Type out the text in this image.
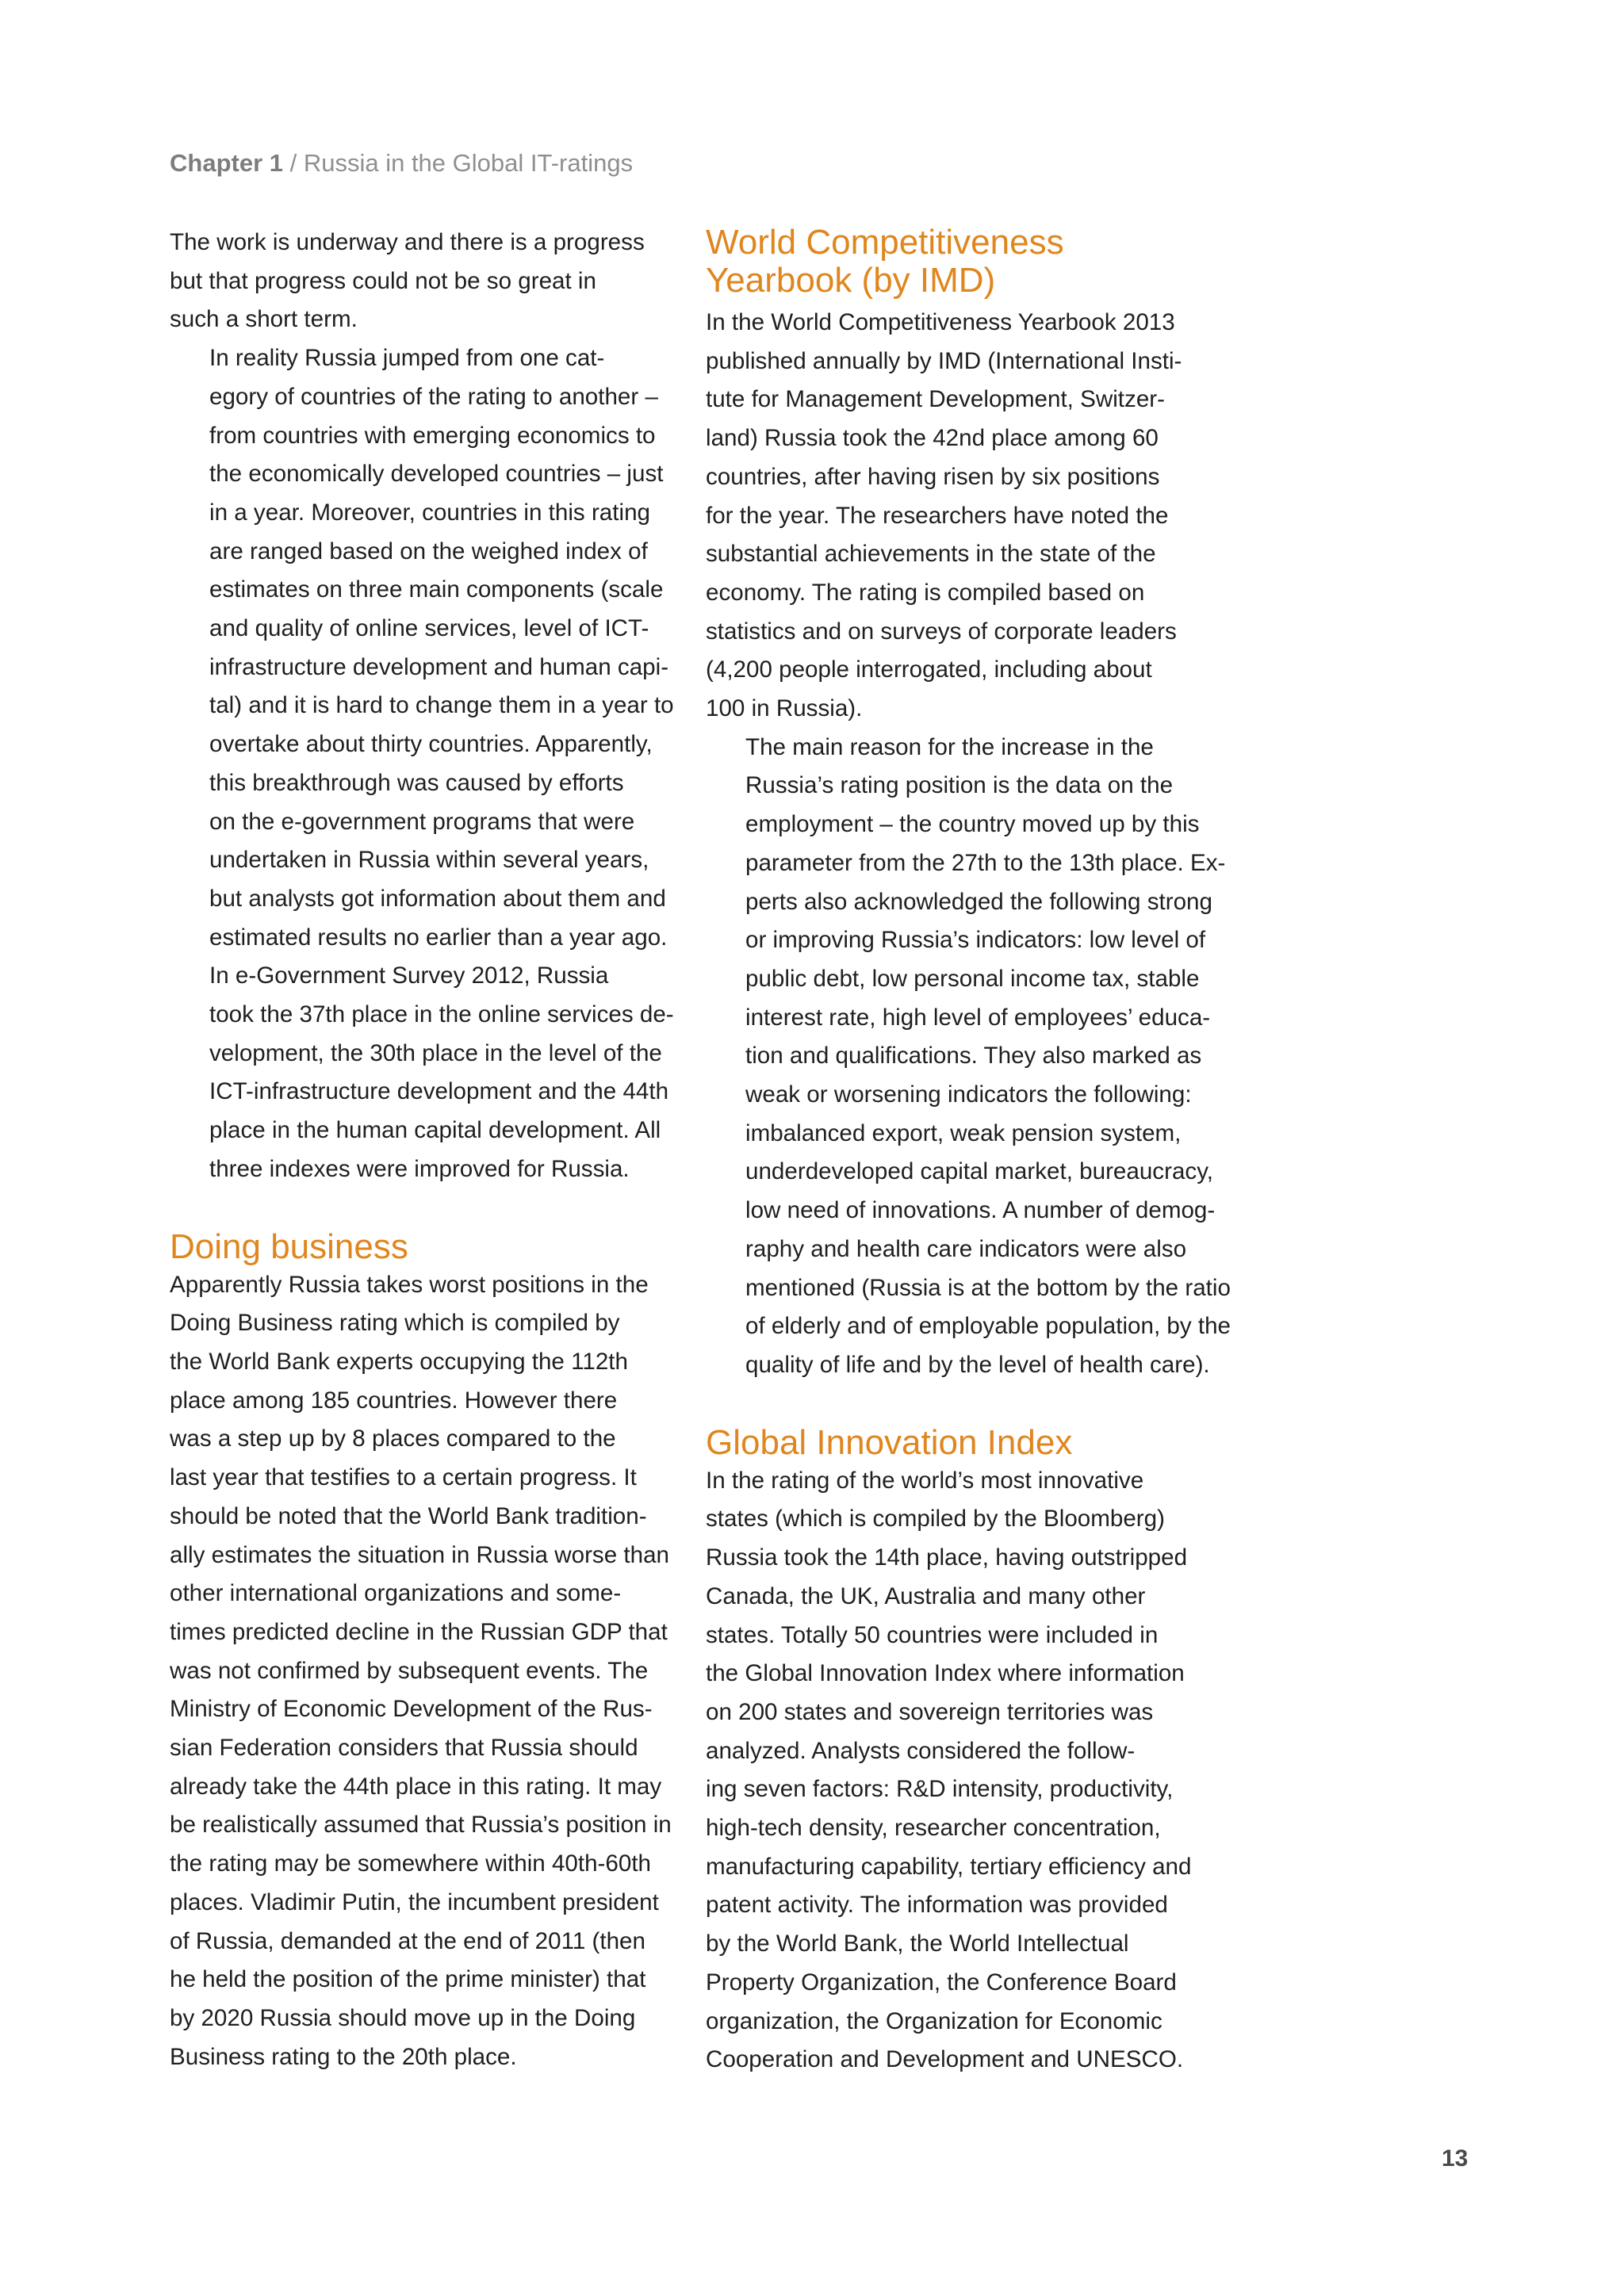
Chapter 1 / Russia in the Global IT-ratings

The work is underway and there is a progress
but that progress could not be so great in
such a short term.

In reality Russia jumped from one cat-
egory of countries of the rating to another –
from countries with emerging economics to
the economically developed countries – just
in a year. Moreover, countries in this rating
are ranged based on the weighed index of
estimates on three main components (scale
and quality of online services, level of ICT-
infrastructure development and human capi-
tal) and it is hard to change them in a year to
overtake about thirty countries. Apparently,
this breakthrough was caused by efforts
on the e-government programs that were
undertaken in Russia within several years,
but analysts got information about them and
estimated results no earlier than a year ago.

In e-Government Survey 2012, Russia
took the 37th place in the online services de-
velopment, the 30th place in the level of the
ICT-infrastructure development and the 44th
place in the human capital development. All
three indexes were improved for Russia.

Doing business

Apparently Russia takes worst positions in the
Doing Business rating which is compiled by
the World Bank experts occupying the 112th
place among 185 countries. However there
was a step up by 8 places compared to the
last year that testifies to a certain progress. It
should be noted that the World Bank tradition-
ally estimates the situation in Russia worse than
other international organizations and some-
times predicted decline in the Russian GDP that
was not confirmed by subsequent events. The
Ministry of Economic Development of the Rus-
sian Federation considers that Russia should
already take the 44th place in this rating. It may
be realistically assumed that Russia’s position in
the rating may be somewhere within 40th-60th
places. Vladimir Putin, the incumbent president
of Russia, demanded at the end of 2011 (then
he held the position of the prime minister) that
by 2020 Russia should move up in the Doing
Business rating to the 20th place.

World Competitiveness
Yearbook (by IMD)

In the World Competitiveness Yearbook 2013
published annually by IMD (International Insti-
tute for Management Development, Switzer-
land) Russia took the 42nd place among 60
countries, after having risen by six positions
for the year. The researchers have noted the
substantial achievements in the state of the
economy. The rating is compiled based on
statistics and on surveys of corporate leaders
(4,200 people interrogated, including about
100 in Russia).

The main reason for the increase in the
Russia’s rating position is the data on the
employment – the country moved up by this
parameter from the 27th to the 13th place. Ex-
perts also acknowledged the following strong
or improving Russia’s indicators: low level of
public debt, low personal income tax, stable
interest rate, high level of employees’ educa-
tion and qualifications. They also marked as
weak or worsening indicators the following:
imbalanced export, weak pension system,
underdeveloped capital market, bureaucracy,
low need of innovations. A number of demog-
raphy and health care indicators were also
mentioned (Russia is at the bottom by the ratio
of elderly and of employable population, by the
quality of life and by the level of health care).

Global Innovation Index

In the rating of the world’s most innovative
states (which is compiled by the Bloomberg)
Russia took the 14th place, having outstripped
Canada, the UK, Australia and many other
states. Totally 50 countries were included in
the Global Innovation Index where information
on 200 states and sovereign territories was
analyzed. Analysts considered the follow-
ing seven factors: R&D intensity, productivity,
high-tech density, researcher concentration,
manufacturing capability, tertiary efficiency and
patent activity. The information was provided
by the World Bank, the World Intellectual
Property Organization, the Conference Board
organization, the Organization for Economic
Cooperation and Development and UNESCO.

13
